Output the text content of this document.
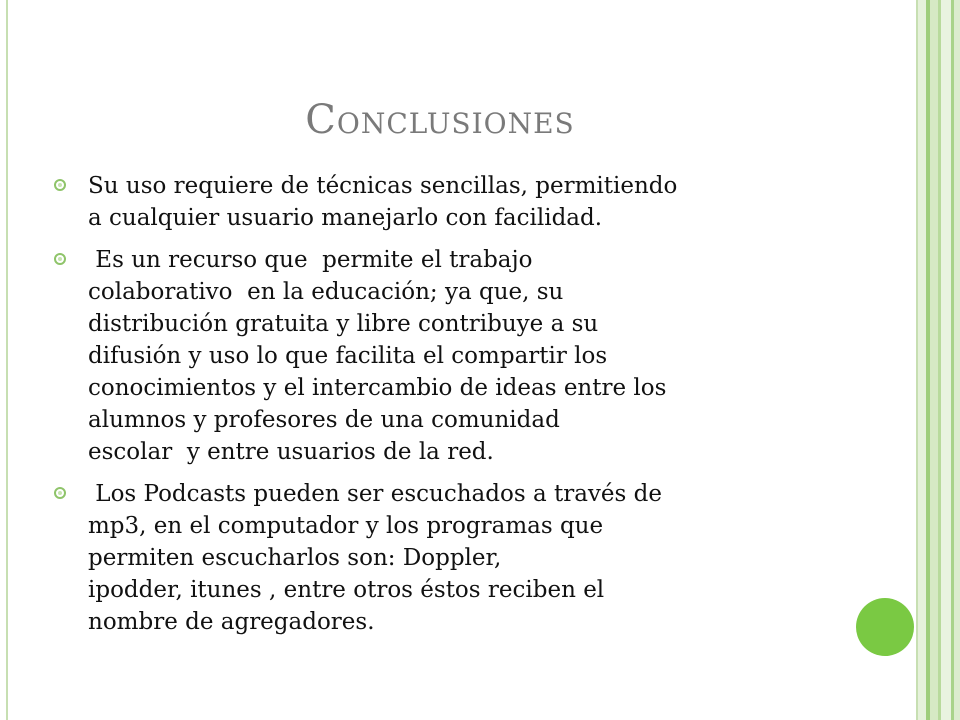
Conclusiones
Su uso requiere de técnicas sencillas, permitiendo
a cualquier usuario manejarlo con facilidad.
Es un recurso que  permite el trabajo
colaborativo  en la educación; ya que, su
distribución gratuita y libre contribuye a su
difusión y uso lo que facilita el compartir los
conocimientos y el intercambio de ideas entre los
alumnos y profesores de una comunidad
escolar  y entre usuarios de la red.
Los Podcasts pueden ser escuchados a través de
mp3, en el computador y los programas que
permiten escucharlos son: Doppler,
ipodder, itunes , entre otros éstos reciben el
nombre de agregadores.
